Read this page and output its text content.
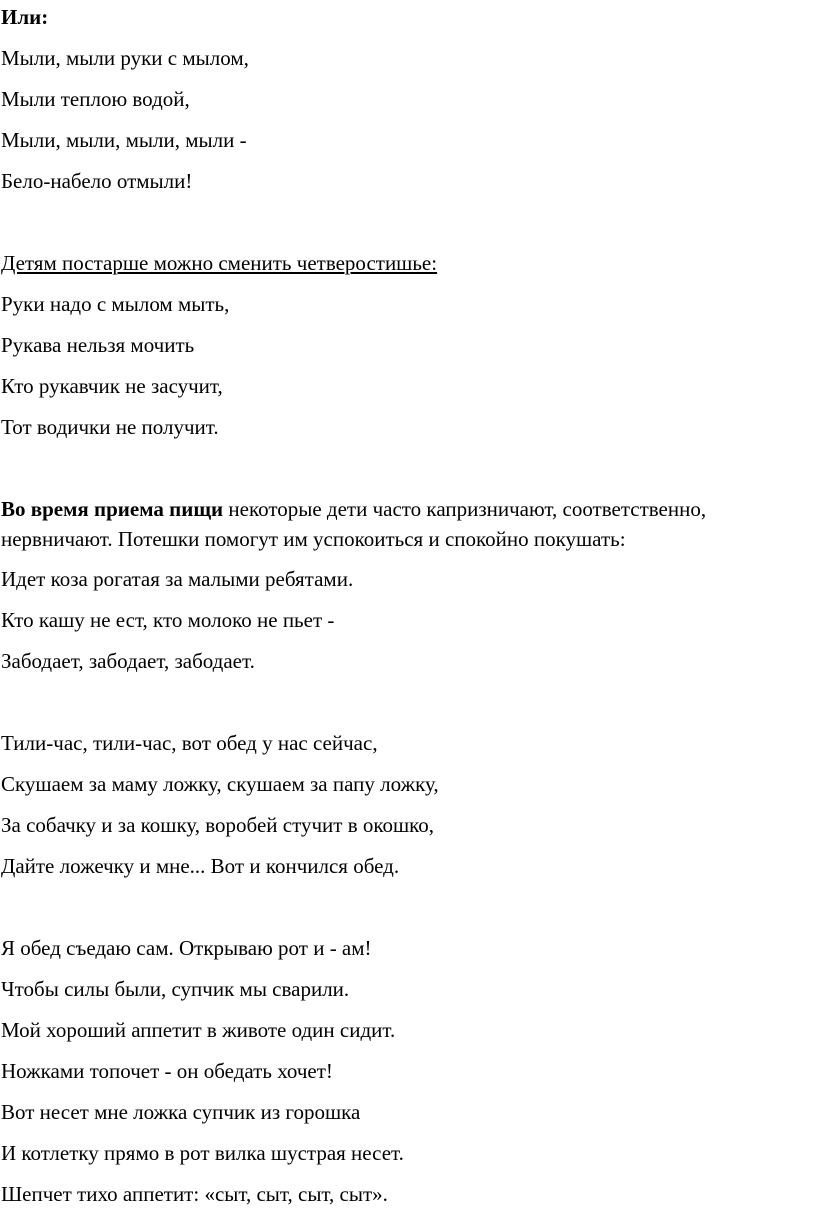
Или:
Мыли, мыли руки с мылом,
Мыли теплою водой,
Мыли, мыли, мыли, мыли -
Бело-набело отмыли!
Детям постарше можно сменить четверостишье:
Руки надо с мылом мыть,
Рукава нельзя мочить
Кто рукавчик не засучит,
Тот водички не получит.
Во время приема пищи некоторые дети часто капризничают, соответственно,
нервничают. Потешки помогут им успокоиться и спокойно покушать:
Идет коза рогатая за малыми ребятами.
Кто кашу не ест, кто молоко не пьет -
Забодает, забодает, забодает.
Тили-час, тили-час, вот обед у нас сейчас,
Скушаем за маму ложку, скушаем за папу ложку,
За собачку и за кошку, воробей стучит в окошко,
Дайте ложечку и мне... Вот и кончился обед.
Я обед съедаю сам. Открываю рот и - ам!
Чтобы силы были, супчик мы сварили.
Мой хороший аппетит в животе один сидит.
Ножками топочет - он обедать хочет!
Вот несет мне ложка супчик из горошка
И котлетку прямо в рот вилка шустрая несет.
Шепчет тихо аппетит: «сыт, сыт, сыт, сыт».
